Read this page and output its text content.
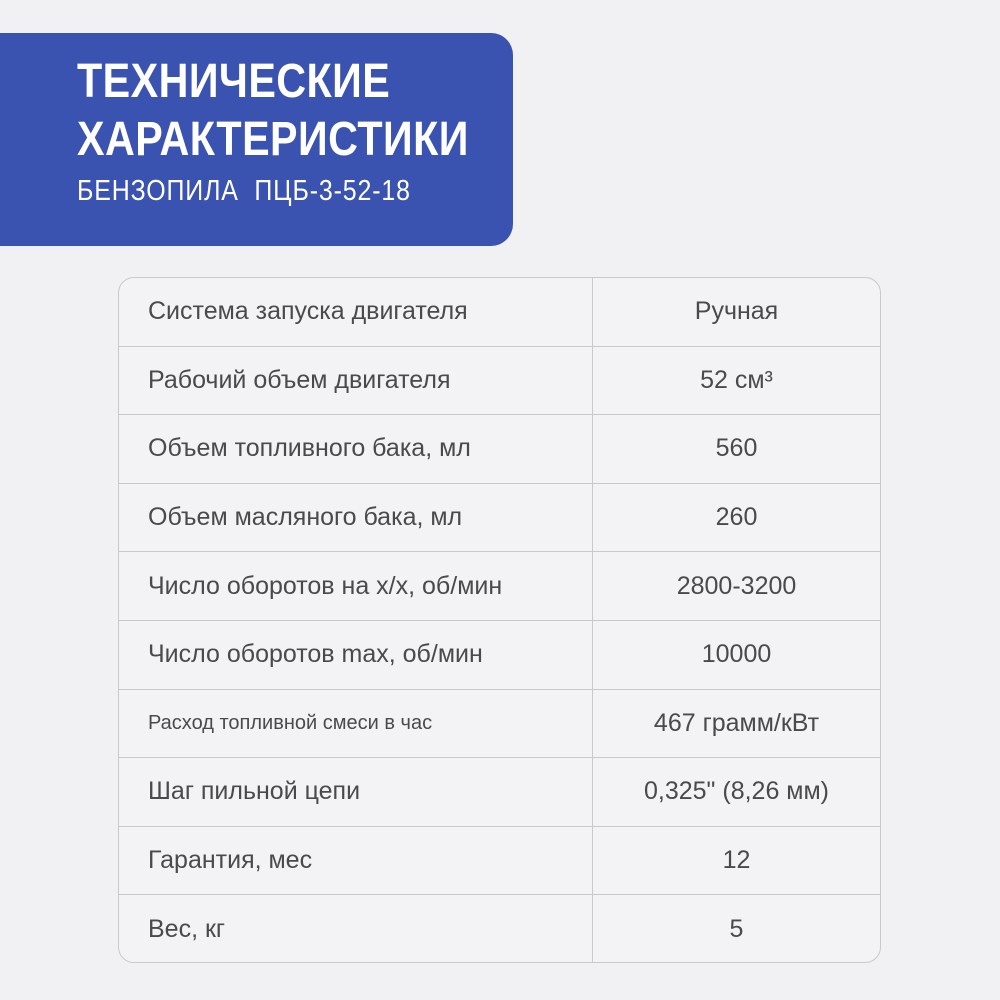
ТЕХНИЧЕСКИЕ
ХАРАКТЕРИСТИКИ
БЕНЗОПИЛА  ПЦБ-3-52-18
Система запуска двигателя	Ручная
Рабочий объем двигателя	52 см³
Объем топливного бака, мл	560
Объем масляного бака, мл	260
Число оборотов на х/х, об/мин	2800-3200
Число оборотов max, об/мин	10000
Расход топливной смеси в час	467 грамм/кВт
Шаг пильной цепи	0,325" (8,26 мм)
Гарантия, мес	12
Вес, кг	5
